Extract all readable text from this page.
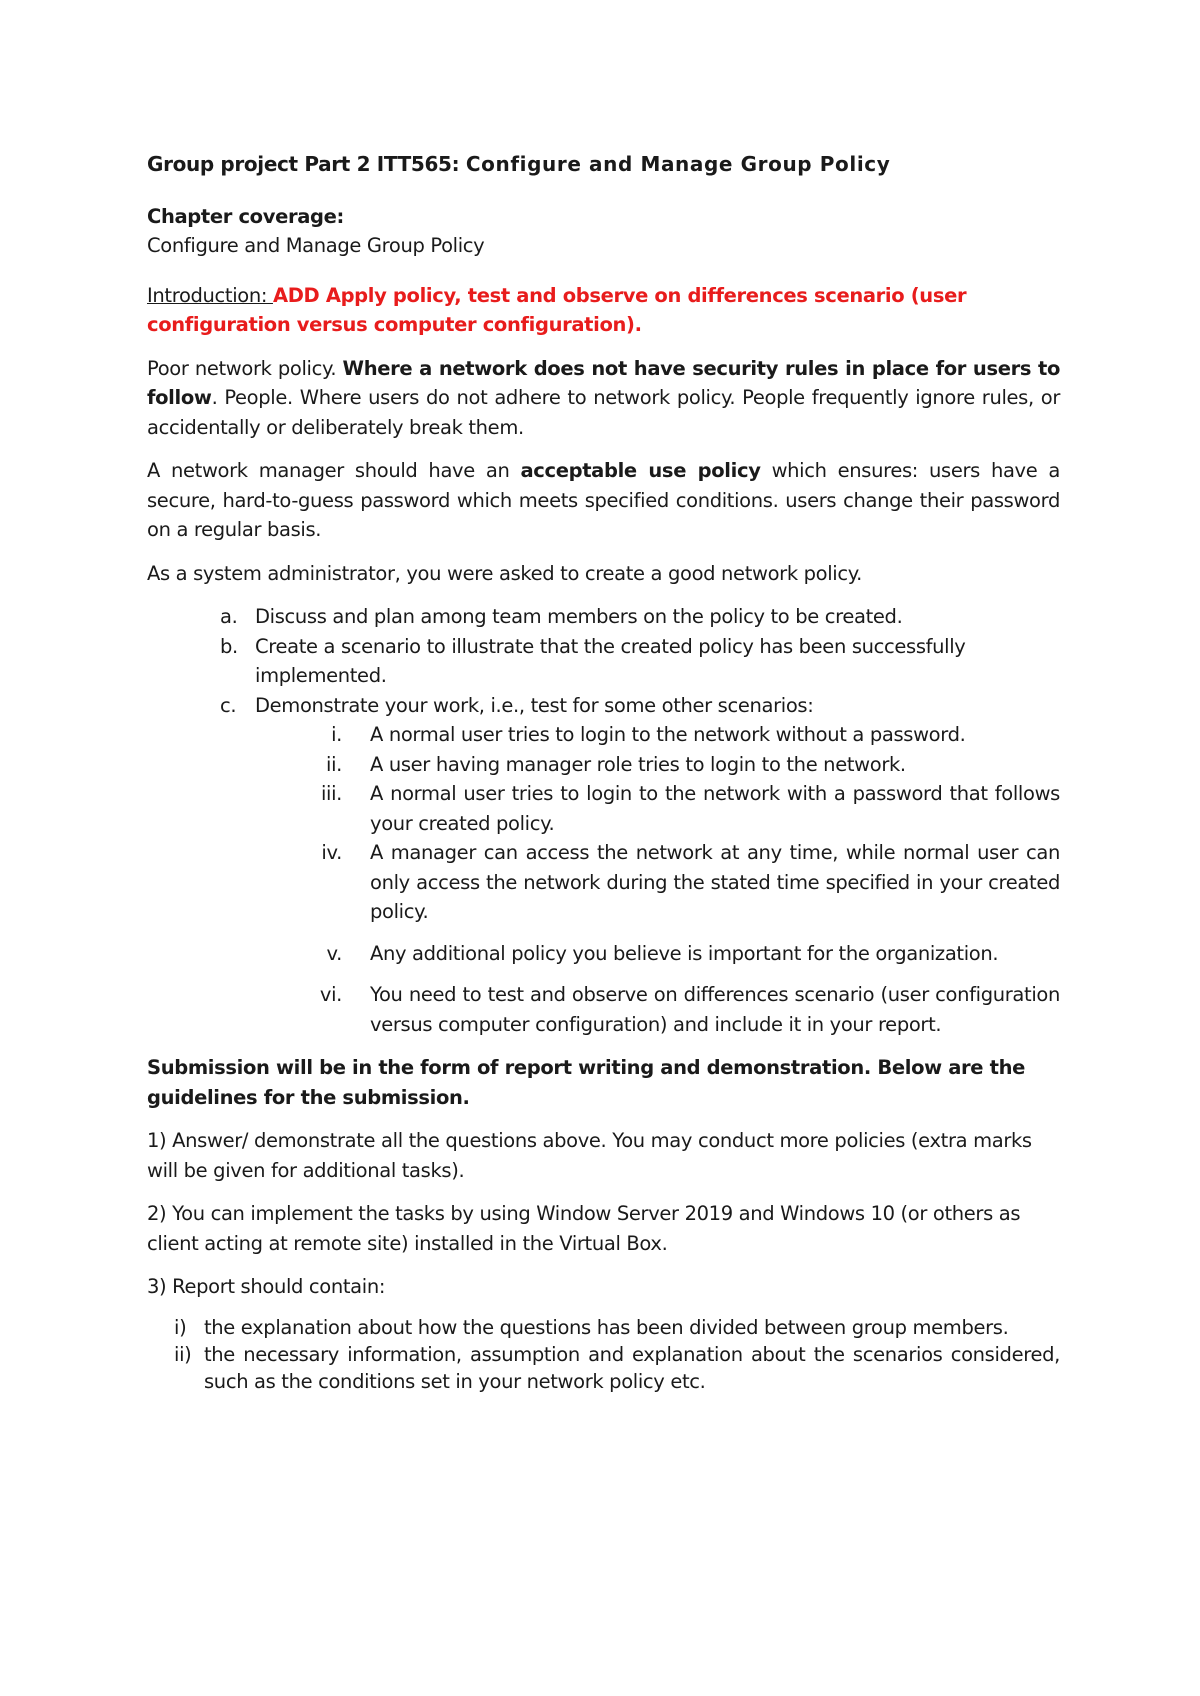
Group project Part 2 ITT565: Configure and Manage Group Policy

Chapter coverage:

Configure and Manage Group Policy

Introduction: ADD Apply policy, test and observe on differences scenario (user configuration versus computer configuration).

Poor network policy. Where a network does not have security rules in place for users to follow. People. Where users do not adhere to network policy. People frequently ignore rules, or accidentally or deliberately break them.

A network manager should have an acceptable use policy which ensures: users have a secure, hard-to-guess password which meets specified conditions. users change their password on a regular basis.

As a system administrator, you were asked to create a good network policy.

a. Discuss and plan among team members on the policy to be created.
b. Create a scenario to illustrate that the created policy has been successfully implemented.
c. Demonstrate your work, i.e., test for some other scenarios:
i. A normal user tries to login to the network without a password.
ii. A user having manager role tries to login to the network.
iii. A normal user tries to login to the network with a password that follows your created policy.
iv. A manager can access the network at any time, while normal user can only access the network during the stated time specified in your created policy.
v. Any additional policy you believe is important for the organization.
vi. You need to test and observe on differences scenario (user configuration versus computer configuration) and include it in your report.

Submission will be in the form of report writing and demonstration. Below are the guidelines for the submission.

1) Answer/ demonstrate all the questions above. You may conduct more policies (extra marks will be given for additional tasks).

2) You can implement the tasks by using Window Server 2019 and Windows 10 (or others as client acting at remote site) installed in the Virtual Box.

3) Report should contain:

i) the explanation about how the questions has been divided between group members.
ii) the necessary information, assumption and explanation about the scenarios considered, such as the conditions set in your network policy etc.
